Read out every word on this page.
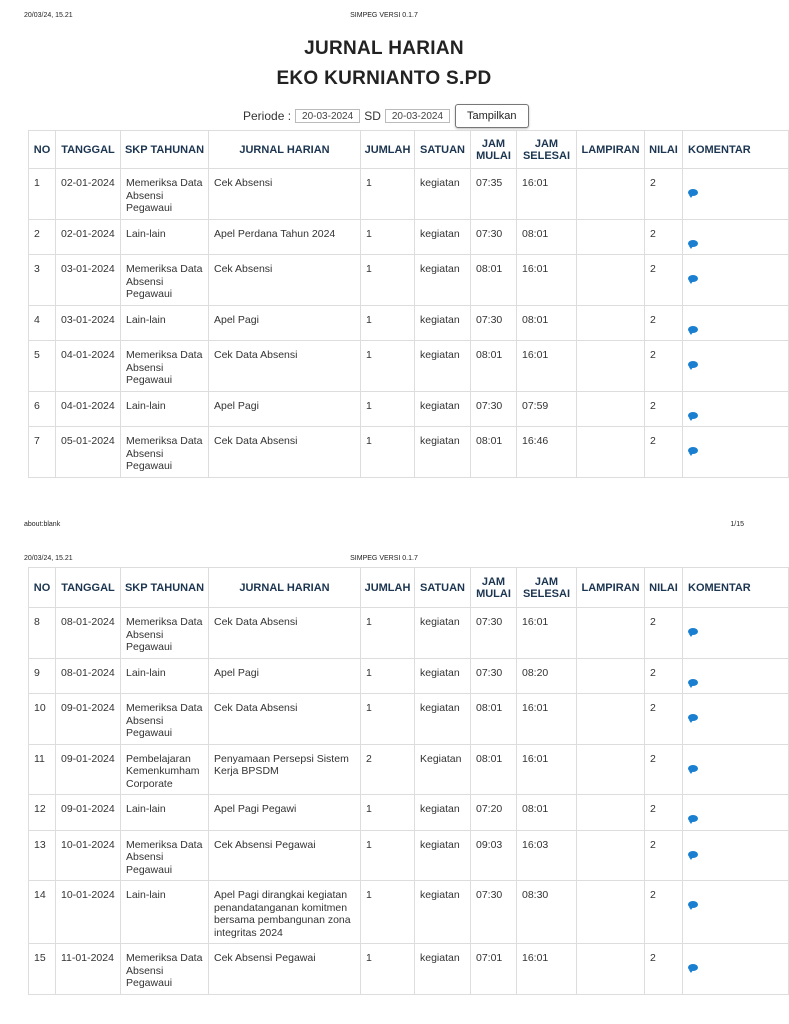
20/03/24, 15.21	SIMPEG VERSI 0.1.7
JURNAL HARIAN
EKO KURNIANTO S.PD
Periode :	20-03-2024 SD	20-03-2024	Tampilkan
NO	TANGGAL	SKP TAHUNAN	JURNAL HARIAN	JUMLAH	SATUAN	JAM MULAI	JAM SELESAI	LAMPIRAN	NILAI	KOMENTAR
1	02-01-2024	Memeriksa Data Absensi Pegawaui	Cek Absensi	1	kegiatan	07:35	16:01		2	
2	02-01-2024	Lain-lain	Apel Perdana Tahun 2024	1	kegiatan	07:30	08:01		2	
3	03-01-2024	Memeriksa Data Absensi Pegawaui	Cek Absensi	1	kegiatan	08:01	16:01		2	
4	03-01-2024	Lain-lain	Apel Pagi	1	kegiatan	07:30	08:01		2	
5	04-01-2024	Memeriksa Data Absensi Pegawaui	Cek Data Absensi	1	kegiatan	08:01	16:01		2	
6	04-01-2024	Lain-lain	Apel Pagi	1	kegiatan	07:30	07:59		2	
7	05-01-2024	Memeriksa Data Absensi Pegawaui	Cek Data Absensi	1	kegiatan	08:01	16:46		2	
about:blank	1/15
20/03/24, 15.21	SIMPEG VERSI 0.1.7
NO	TANGGAL	SKP TAHUNAN	JURNAL HARIAN	JUMLAH	SATUAN	JAM MULAI	JAM SELESAI	LAMPIRAN	NILAI	KOMENTAR
8	08-01-2024	Memeriksa Data Absensi Pegawaui	Cek Data Absensi	1	kegiatan	07:30	16:01		2	
9	08-01-2024	Lain-lain	Apel Pagi	1	kegiatan	07:30	08:20		2	
10	09-01-2024	Memeriksa Data Absensi Pegawaui	Cek Data Absensi	1	kegiatan	08:01	16:01		2	
11	09-01-2024	Pembelajaran Kemenkumham Corporate	Penyamaan Persepsi Sistem Kerja BPSDM	2	Kegiatan	08:01	16:01		2	
12	09-01-2024	Lain-lain	Apel Pagi Pegawi	1	kegiatan	07:20	08:01		2	
13	10-01-2024	Memeriksa Data Absensi Pegawaui	Cek Absensi Pegawai	1	kegiatan	09:03	16:03		2	
14	10-01-2024	Lain-lain	Apel Pagi dirangkai kegiatan penandatanganan komitmen bersama pembangunan zona integritas 2024	1	kegiatan	07:30	08:30		2	
15	11-01-2024	Memeriksa Data Absensi Pegawaui	Cek Absensi Pegawai	1	kegiatan	07:01	16:01		2	
